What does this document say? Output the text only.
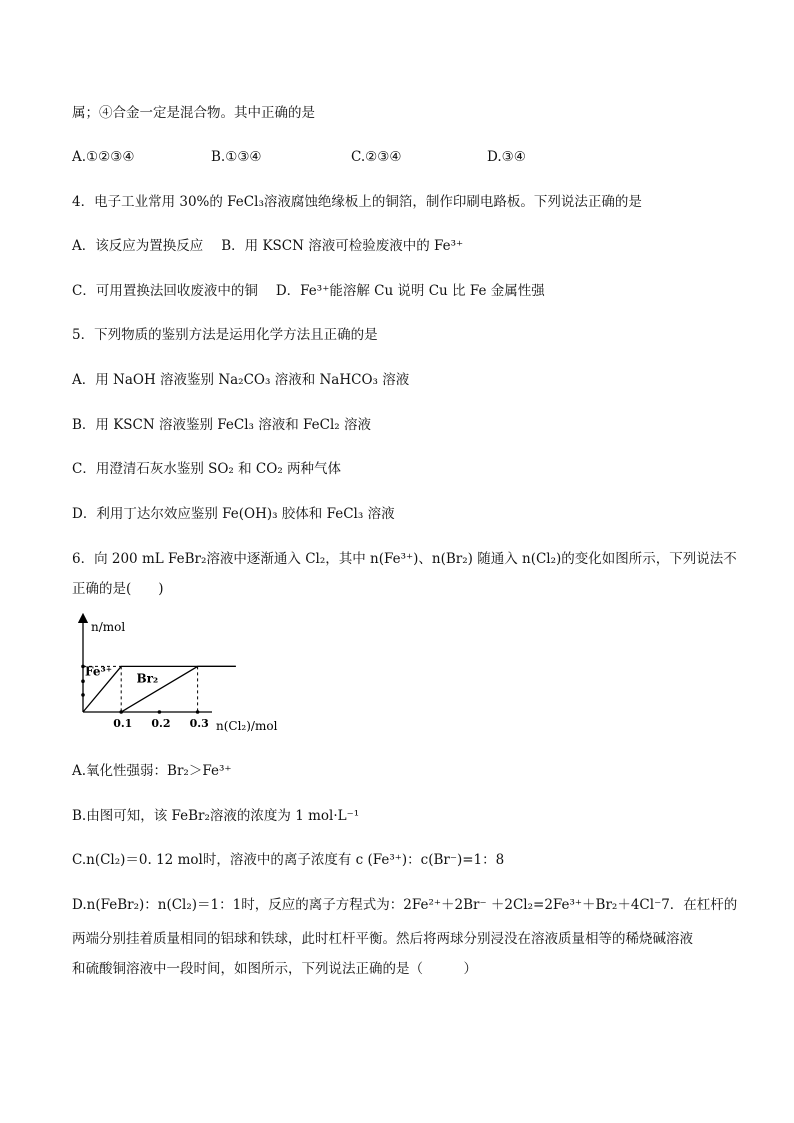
属；④合金一定是混合物。其中正确的是
A.①②③④	B.①③④	C.②③④	D.③④
4．电子工业常用 30%的 FeCl₃溶液腐蚀绝缘板上的铜箔，制作印刷电路板。下列说法正确的是
A．该反应为置换反应 B．用 KSCN 溶液可检验废液中的 Fe³⁺
C．可用置换法回收废液中的铜 D．Fe³⁺能溶解 Cu 说明 Cu 比 Fe 金属性强
5．下列物质的鉴别方法是运用化学方法且正确的是
A．用 NaOH 溶液鉴别 Na₂CO₃ 溶液和 NaHCO₃ 溶液
B．用 KSCN 溶液鉴别 FeCl₃ 溶液和 FeCl₂ 溶液
C．用澄清石灰水鉴别 SO₂ 和 CO₂ 两种气体
D．利用丁达尔效应鉴别 Fe(OH)₃ 胶体和 FeCl₃ 溶液
6．向 200 mL FeBr₂溶液中逐渐通入 Cl₂，其中 n(Fe³⁺)、n(Br₂) 随通入 n(Cl₂)的变化如图所示，下列说法不
正确的是(　　)
n/mol
n(Cl₂)/mol
Fe³⁺ Br₂
0.1 0.2 0.3
A.氧化性强弱：Br₂＞Fe³⁺
B.由图可知，该 FeBr₂溶液的浓度为 1 mol·L⁻¹
C.n(Cl₂)＝0. 12 mol时，溶液中的离子浓度有 c (Fe³⁺)：c(Br⁻)=1：8
D.n(FeBr₂)：n(Cl₂)＝1：1时，反应的离子方程式为：2Fe²⁺＋2Br⁻ ＋2Cl₂=2Fe³⁺＋Br₂＋4Cl⁻7．在杠杆的
两端分别挂着质量相同的铝球和铁球，此时杠杆平衡。然后将两球分别浸没在溶液质量相等的稀烧碱溶液
和硫酸铜溶液中一段时间，如图所示，下列说法正确的是（　　　）
